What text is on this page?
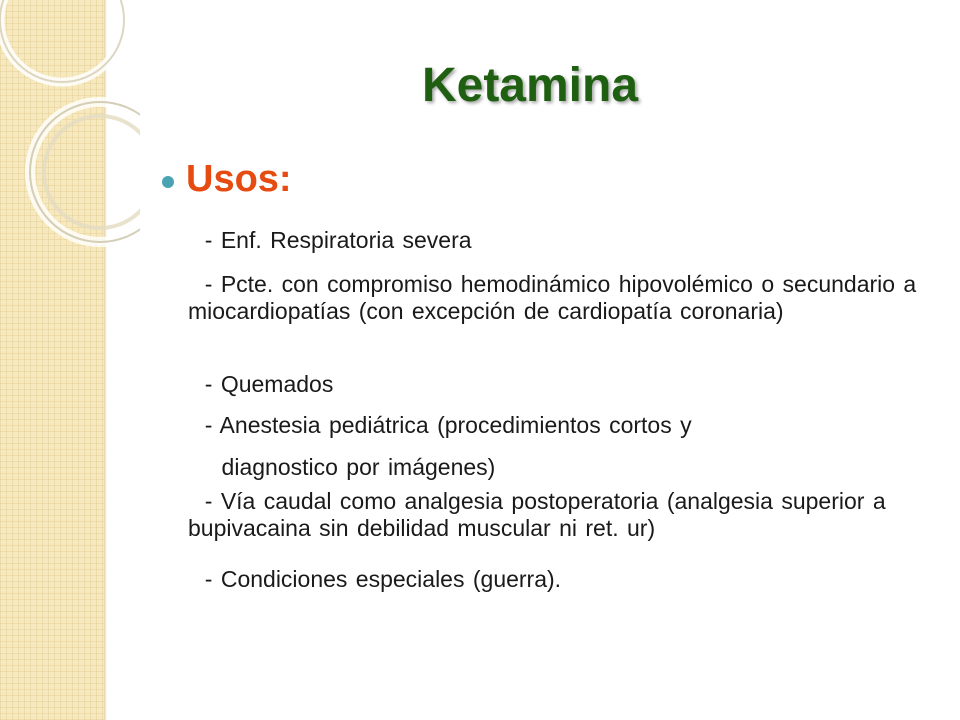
Ketamina
Usos:
- Enf. Respiratoria severa
- Pcte. con compromiso hemodinámico hipovolémico o secundario a miocardiopatías (con excepción de cardiopatía coronaria)
- Quemados
- Anestesia pediátrica (procedimientos cortos y
diagnostico por imágenes)
- Vía caudal como analgesia postoperatoria (analgesia superior a bupivacaina sin debilidad muscular ni ret. ur)
- Condiciones especiales (guerra).
